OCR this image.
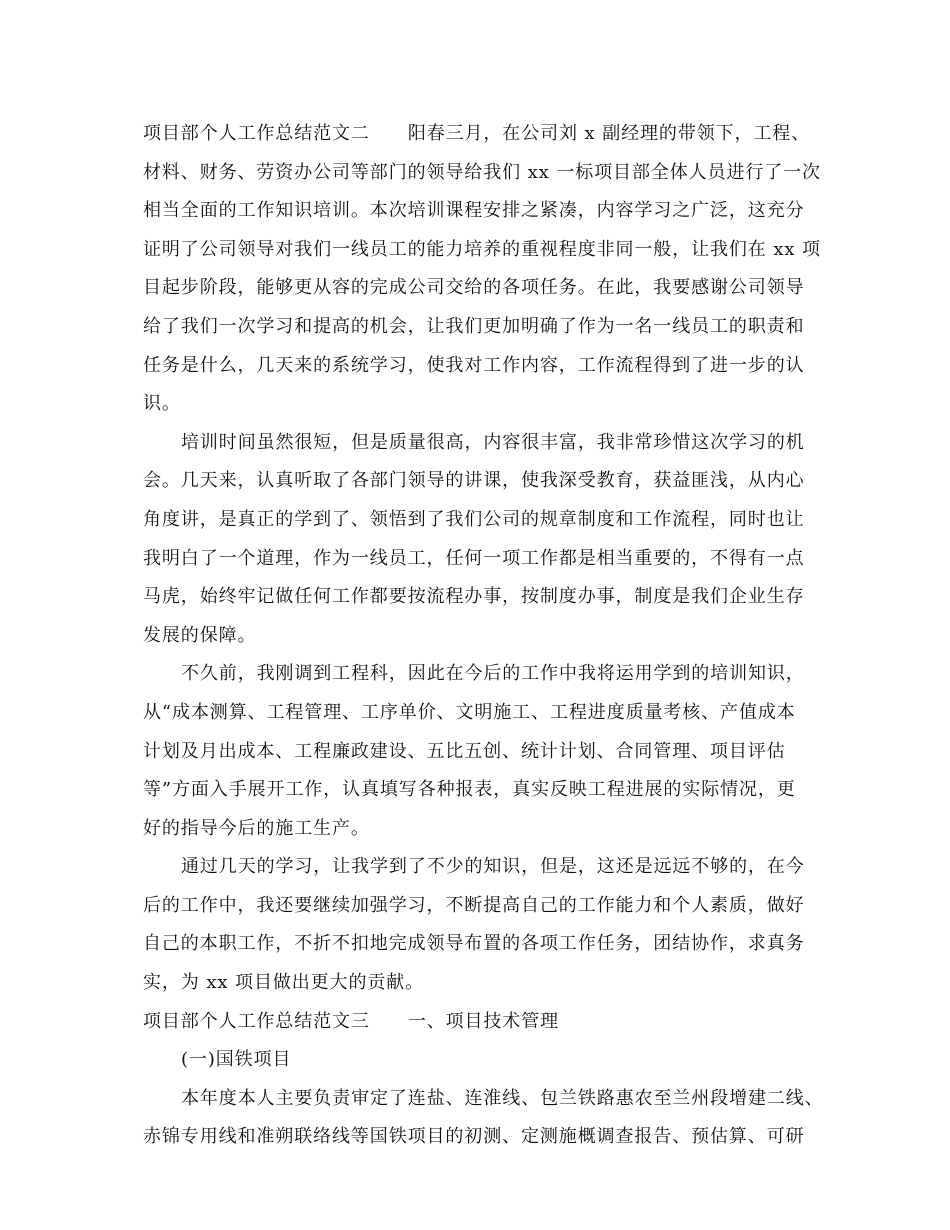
项目部个人工作总结范文二 阳春三月，在公司刘 x 副经理的带领下，工程、
材料、财务、劳资办公司等部门的领导给我们 xx 一标项目部全体人员进行了一次
相当全面的工作知识培训。本次培训课程安排之紧凑，内容学习之广泛，这充分
证明了公司领导对我们一线员工的能力培养的重视程度非同一般，让我们在 xx 项
目起步阶段，能够更从容的完成公司交给的各项任务。在此，我要感谢公司领导
给了我们一次学习和提高的机会，让我们更加明确了作为一名一线员工的职责和
任务是什么，几天来的系统学习，使我对工作内容，工作流程得到了进一步的认
识。
培训时间虽然很短，但是质量很高，内容很丰富，我非常珍惜这次学习的机
会。几天来，认真听取了各部门领导的讲课，使我深受教育，获益匪浅，从内心
角度讲，是真正的学到了、领悟到了我们公司的规章制度和工作流程，同时也让
我明白了一个道理，作为一线员工，任何一项工作都是相当重要的，不得有一点
马虎，始终牢记做任何工作都要按流程办事，按制度办事，制度是我们企业生存
发展的保障。
不久前，我刚调到工程科，因此在今后的工作中我将运用学到的培训知识，
从“成本测算、工程管理、工序单价、文明施工、工程进度质量考核、产值成本
计划及月出成本、工程廉政建设、五比五创、统计计划、合同管理、项目评估
等”方面入手展开工作，认真填写各种报表，真实反映工程进展的实际情况，更
好的指导今后的施工生产。
通过几天的学习，让我学到了不少的知识，但是，这还是远远不够的，在今
后的工作中，我还要继续加强学习，不断提高自己的工作能力和个人素质，做好
自己的本职工作，不折不扣地完成领导布置的各项工作任务，团结协作，求真务
实，为 xx 项目做出更大的贡献。
项目部个人工作总结范文三 一、项目技术管理
(一)国铁项目
本年度本人主要负责审定了连盐、连淮线、包兰铁路惠农至兰州段增建二线、
赤锦专用线和准朔联络线等国铁项目的初测、定测施概调查报告、预估算、可研
